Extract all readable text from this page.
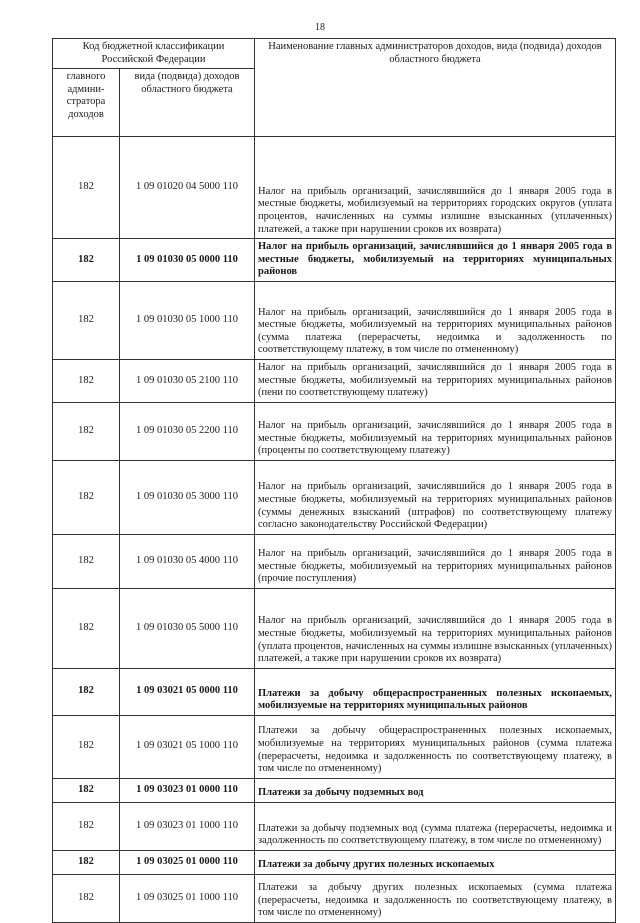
18
Код бюджетной классификации Российской Федерации		Наименование главных администраторов доходов, вида (подвида) доходов областного бюджета
главного админи-стратора доходов	вида (подвида) доходов областного бюджета	
182	1 09 01020 04 5000 110	Налог на прибыль организаций, зачислявшийся до 1 января 2005 года в местные бюджеты, мобилизуемый на территориях городских округов (уплата процентов, начисленных на суммы излишне взысканных (уплаченных) платежей, а также при нарушении сроков их возврата)
182	1 09 01030 05 0000 110	Налог на прибыль организаций, зачислявшийся до 1 января 2005 года в местные бюджеты, мобилизуемый на территориях муниципальных районов
182	1 09 01030 05 1000 110	Налог на прибыль организаций, зачислявшийся до 1 января 2005 года в местные бюджеты, мобилизуемый на территориях муниципальных районов (сумма платежа (перерасчеты, недоимка и задолженность по соответствующему платежу, в том числе по отмененному)
182	1 09 01030 05 2100 110	Налог на прибыль организаций, зачислявшийся до 1 января 2005 года в местные бюджеты, мобилизуемый на территориях муниципальных районов (пени по соответствующему платежу)
182	1 09 01030 05 2200 110	Налог на прибыль организаций, зачислявшийся до 1 января 2005 года в местные бюджеты, мобилизуемый на территориях муниципальных районов (проценты по соответствующему платежу)
182	1 09 01030 05 3000 110	Налог на прибыль организаций, зачислявшийся до 1 января 2005 года в местные бюджеты, мобилизуемый на территориях муниципальных районов (суммы денежных взысканий (штрафов) по соответствующему платежу согласно законодательству Российской Федерации)
182	1 09 01030 05 4000 110	Налог на прибыль организаций, зачислявшийся до 1 января 2005 года в местные бюджеты, мобилизуемый на территориях муниципальных районов (прочие поступления)
182	1 09 01030 05 5000 110	Налог на прибыль организаций, зачислявшийся до 1 января 2005 года в местные бюджеты, мобилизуемый на территориях муниципальных районов (уплата процентов, начисленных на суммы излишне взысканных (уплаченных) платежей, а также при нарушении сроков их возврата)
182	1 09 03021 05 0000 110	Платежи за добычу общераспространенных полезных ископаемых, мобилизуемые на территориях муниципальных районов
182	1 09 03021 05 1000 110	Платежи за добычу общераспространенных полезных ископаемых, мобилизуемые на территориях муниципальных районов (сумма платежа (перерасчеты, недоимка и задолженность по соответствующему платежу, в том числе по отмененному)
182	1 09 03023 01 0000 110	Платежи за добычу подземных вод
182	1 09 03023 01 1000 110	Платежи за добычу подземных вод (сумма платежа (перерасчеты, недоимка и задолженность по соответствующему платежу, в том числе по отмененному)
182	1 09 03025 01 0000 110	Платежи за добычу других полезных ископаемых
182	1 09 03025 01 1000 110	Платежи за добычу других полезных ископаемых (сумма платежа (перерасчеты, недоимка и задолженность по соответствующему платежу, в том числе по отмененному)
